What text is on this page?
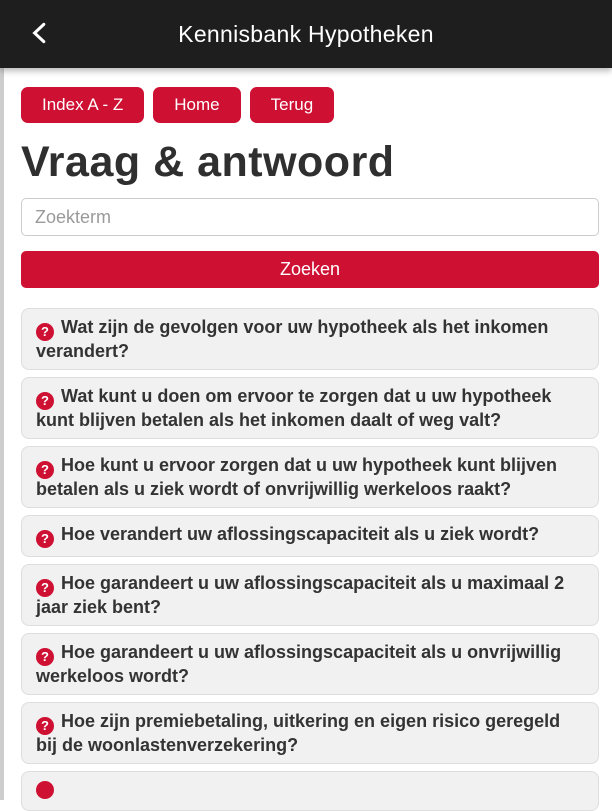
Kennisbank Hypotheken
Index A - Z	Home	Terug
Vraag & antwoord
Zoekterm Zoeken
? Wat zijn de gevolgen voor uw hypotheek als het inkomen verandert?
? Wat kunt u doen om ervoor te zorgen dat u uw hypotheek kunt blijven betalen als het inkomen daalt of weg valt?
? Hoe kunt u ervoor zorgen dat u uw hypotheek kunt blijven betalen als u ziek wordt of onvrijwillig werkeloos raakt?
? Hoe verandert uw aflossingscapaciteit als u ziek wordt?
? Hoe garandeert u uw aflossingscapaciteit als u maximaal 2 jaar ziek bent?
? Hoe garandeert u uw aflossingscapaciteit als u onvrijwillig werkeloos wordt?
? Hoe zijn premiebetaling, uitkering en eigen risico geregeld bij de woonlastenverzekering?
